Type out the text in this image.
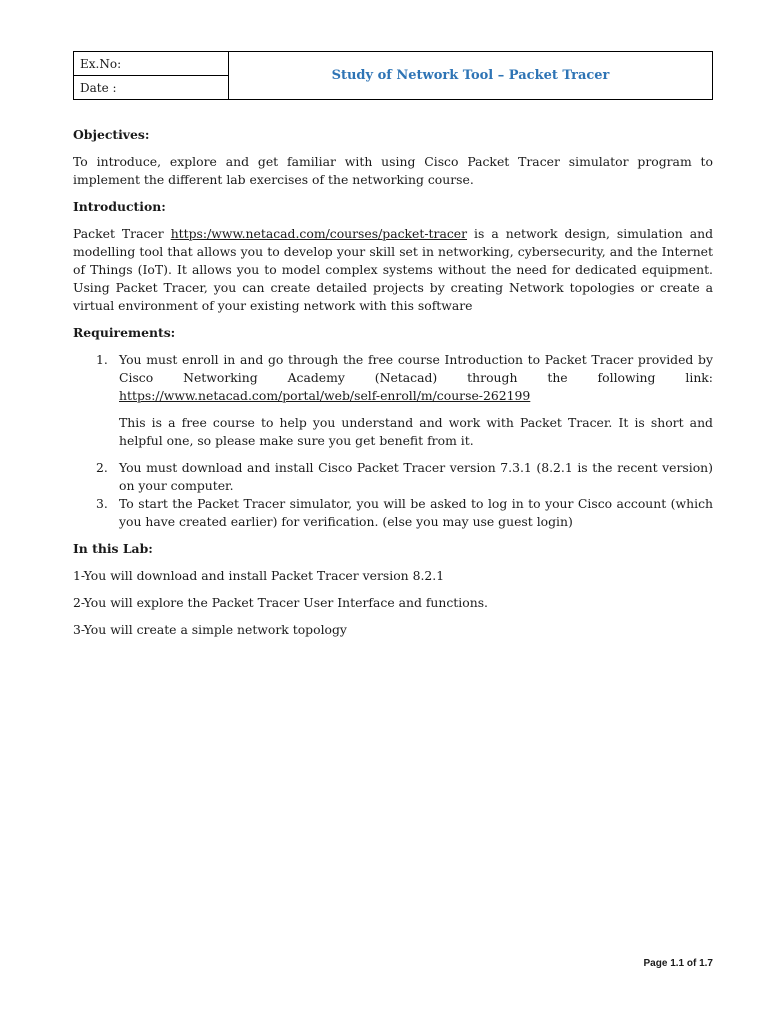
Ex.No:
Date :
Study of Network Tool – Packet Tracer
Objectives:
To introduce, explore and get familiar with using Cisco Packet Tracer simulator program to implement the different lab exercises of the networking course.
Introduction:
Packet Tracer https:/www.netacad.com/courses/packet-tracer is a network design, simulation and modelling tool that allows you to develop your skill set in networking, cybersecurity, and the Internet of Things (IoT). It allows you to model complex systems without the need for dedicated equipment. Using Packet Tracer, you can create detailed projects by creating Network topologies or create a virtual environment of your existing network with this software
Requirements:
1. You must enroll in and go through the free course Introduction to Packet Tracer provided by Cisco Networking Academy (Netacad) through the following link:
https://www.netacad.com/portal/web/self-enroll/m/course-262199
This is a free course to help you understand and work with Packet Tracer. It is short and helpful one, so please make sure you get benefit from it.
2. You must download and install Cisco Packet Tracer version 7.3.1 (8.2.1 is the recent version) on your computer.
3. To start the Packet Tracer simulator, you will be asked to log in to your Cisco account (which you have created earlier) for verification. (else you may use guest login)
In this Lab:
1-You will download and install Packet Tracer version 8.2.1
2-You will explore the Packet Tracer User Interface and functions.
3-You will create a simple network topology
Page 1.1 of 1.7
